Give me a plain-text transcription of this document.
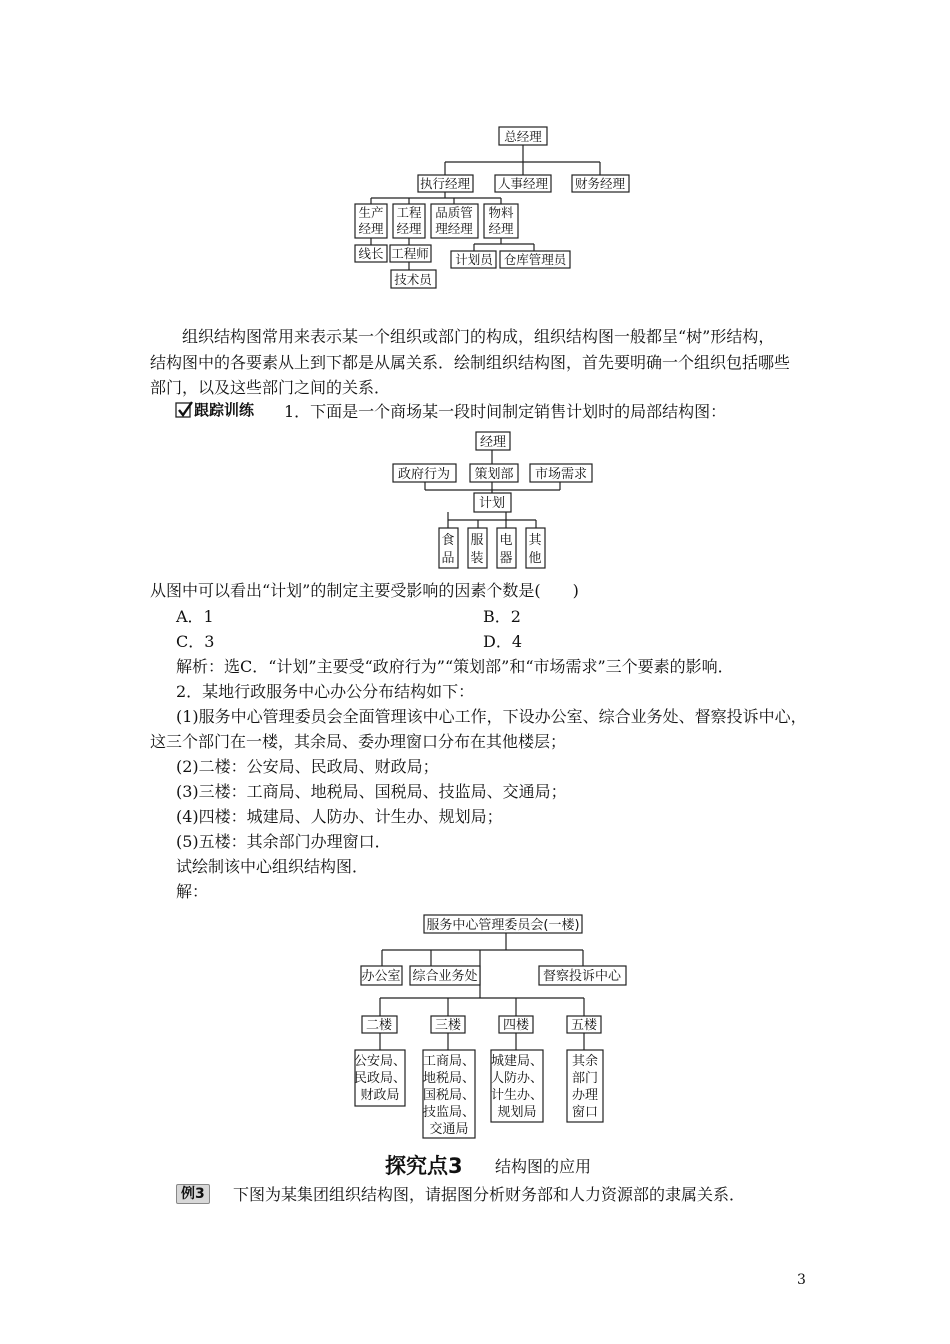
总经理
执行经理 人事经理 财务经理
生产
经理
工程
经理
品质管
理经理
物料
经理
线长 工程师
技术员
计划员 仓库管理员
经理
政府行为 策划部 市场需求
计划
食
品
服
装
电
器
其
他
服务中心管理委员会(一楼)
办公室 综合业务处	督察投诉中心
二楼	三楼	四楼	五楼
公安局、
民政局、
财政局
工商局、
地税局、
国税局、
技监局、
交通局
城建局、
人防办、
计生办、
规划局
其余
部门
办理
窗口
组织结构图常用来表示某一个组织或部门的构成，组织结构图一般都呈“树”形结构，
结构图中的各要素从上到下都是从属关系．绘制组织结构图，首先要明确一个组织包括哪些
部门，以及这些部门之间的关系．
跟踪训练 1．下面是一个商场某一段时间制定销售计划时的局部结构图：
从图中可以看出“计划”的制定主要受影响的因素个数是(　　)
A．1	B．2
C．3	D．4
解析：选C．“计划”主要受“政府行为”“策划部”和“市场需求”三个要素的影响．
2．某地行政服务中心办公分布结构如下：
(1)服务中心管理委员会全面管理该中心工作，下设办公室、综合业务处、督察投诉中心，
这三个部门在一楼，其余局、委办理窗口分布在其他楼层；
(2)二楼：公安局、民政局、财政局；
(3)三楼：工商局、地税局、国税局、技监局、交通局；
(4)四楼：城建局、人防办、计生办、规划局；
(5)五楼：其余部门办理窗口．
试绘制该中心组织结构图．
解：
探究点3 结构图的应用
例3	下图为某集团组织结构图，请据图分析财务部和人力资源部的隶属关系．
3
